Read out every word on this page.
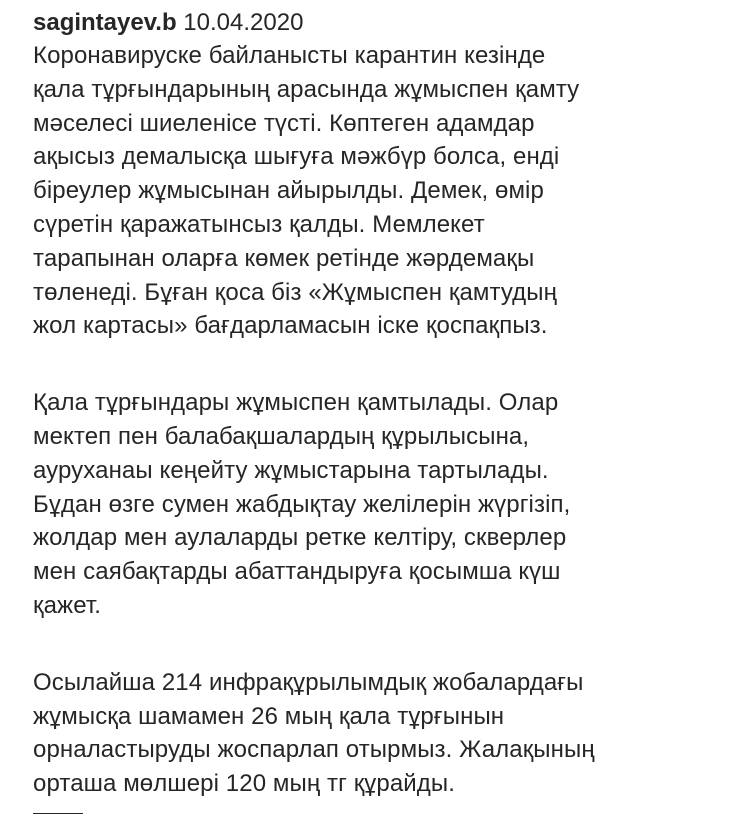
sagintayev.b 10.04.2020
Коронавируске байланысты карантин кезінде
қала тұрғындарының арасында жұмыспен қамту
мәселесі шиеленісе түсті. Көптеген адамдар
ақысыз демалысқа шығуға мәжбүр болса, енді
біреулер жұмысынан айырылды. Демек, өмір
сүретін қаражатынсыз қалды. Мемлекет
тарапынан оларға көмек ретінде жәрдемақы
төленеді. Бұған қоса біз «Жұмыспен қамтудың
жол картасы» бағдарламасын іске қоспақпыз.
Қала тұрғындары жұмыспен қамтылады. Олар
мектеп пен балабақшалардың құрылысына,
ауруханаы кеңейту жұмыстарына тартылады.
Бұдан өзге сумен жабдықтау желілерін жүргізіп,
жолдар мен аулаларды ретке келтіру, скверлер
мен саябақтарды абаттандыруға қосымша күш
қажет.
Осылайша 214 инфрақұрылымдық жобалардағы
жұмысқа шамамен 26 мың қала тұрғынын
орналастыруды жоспарлап отырмыз. Жалақының
орташа мөлшері 120 мың тг құрайды.
